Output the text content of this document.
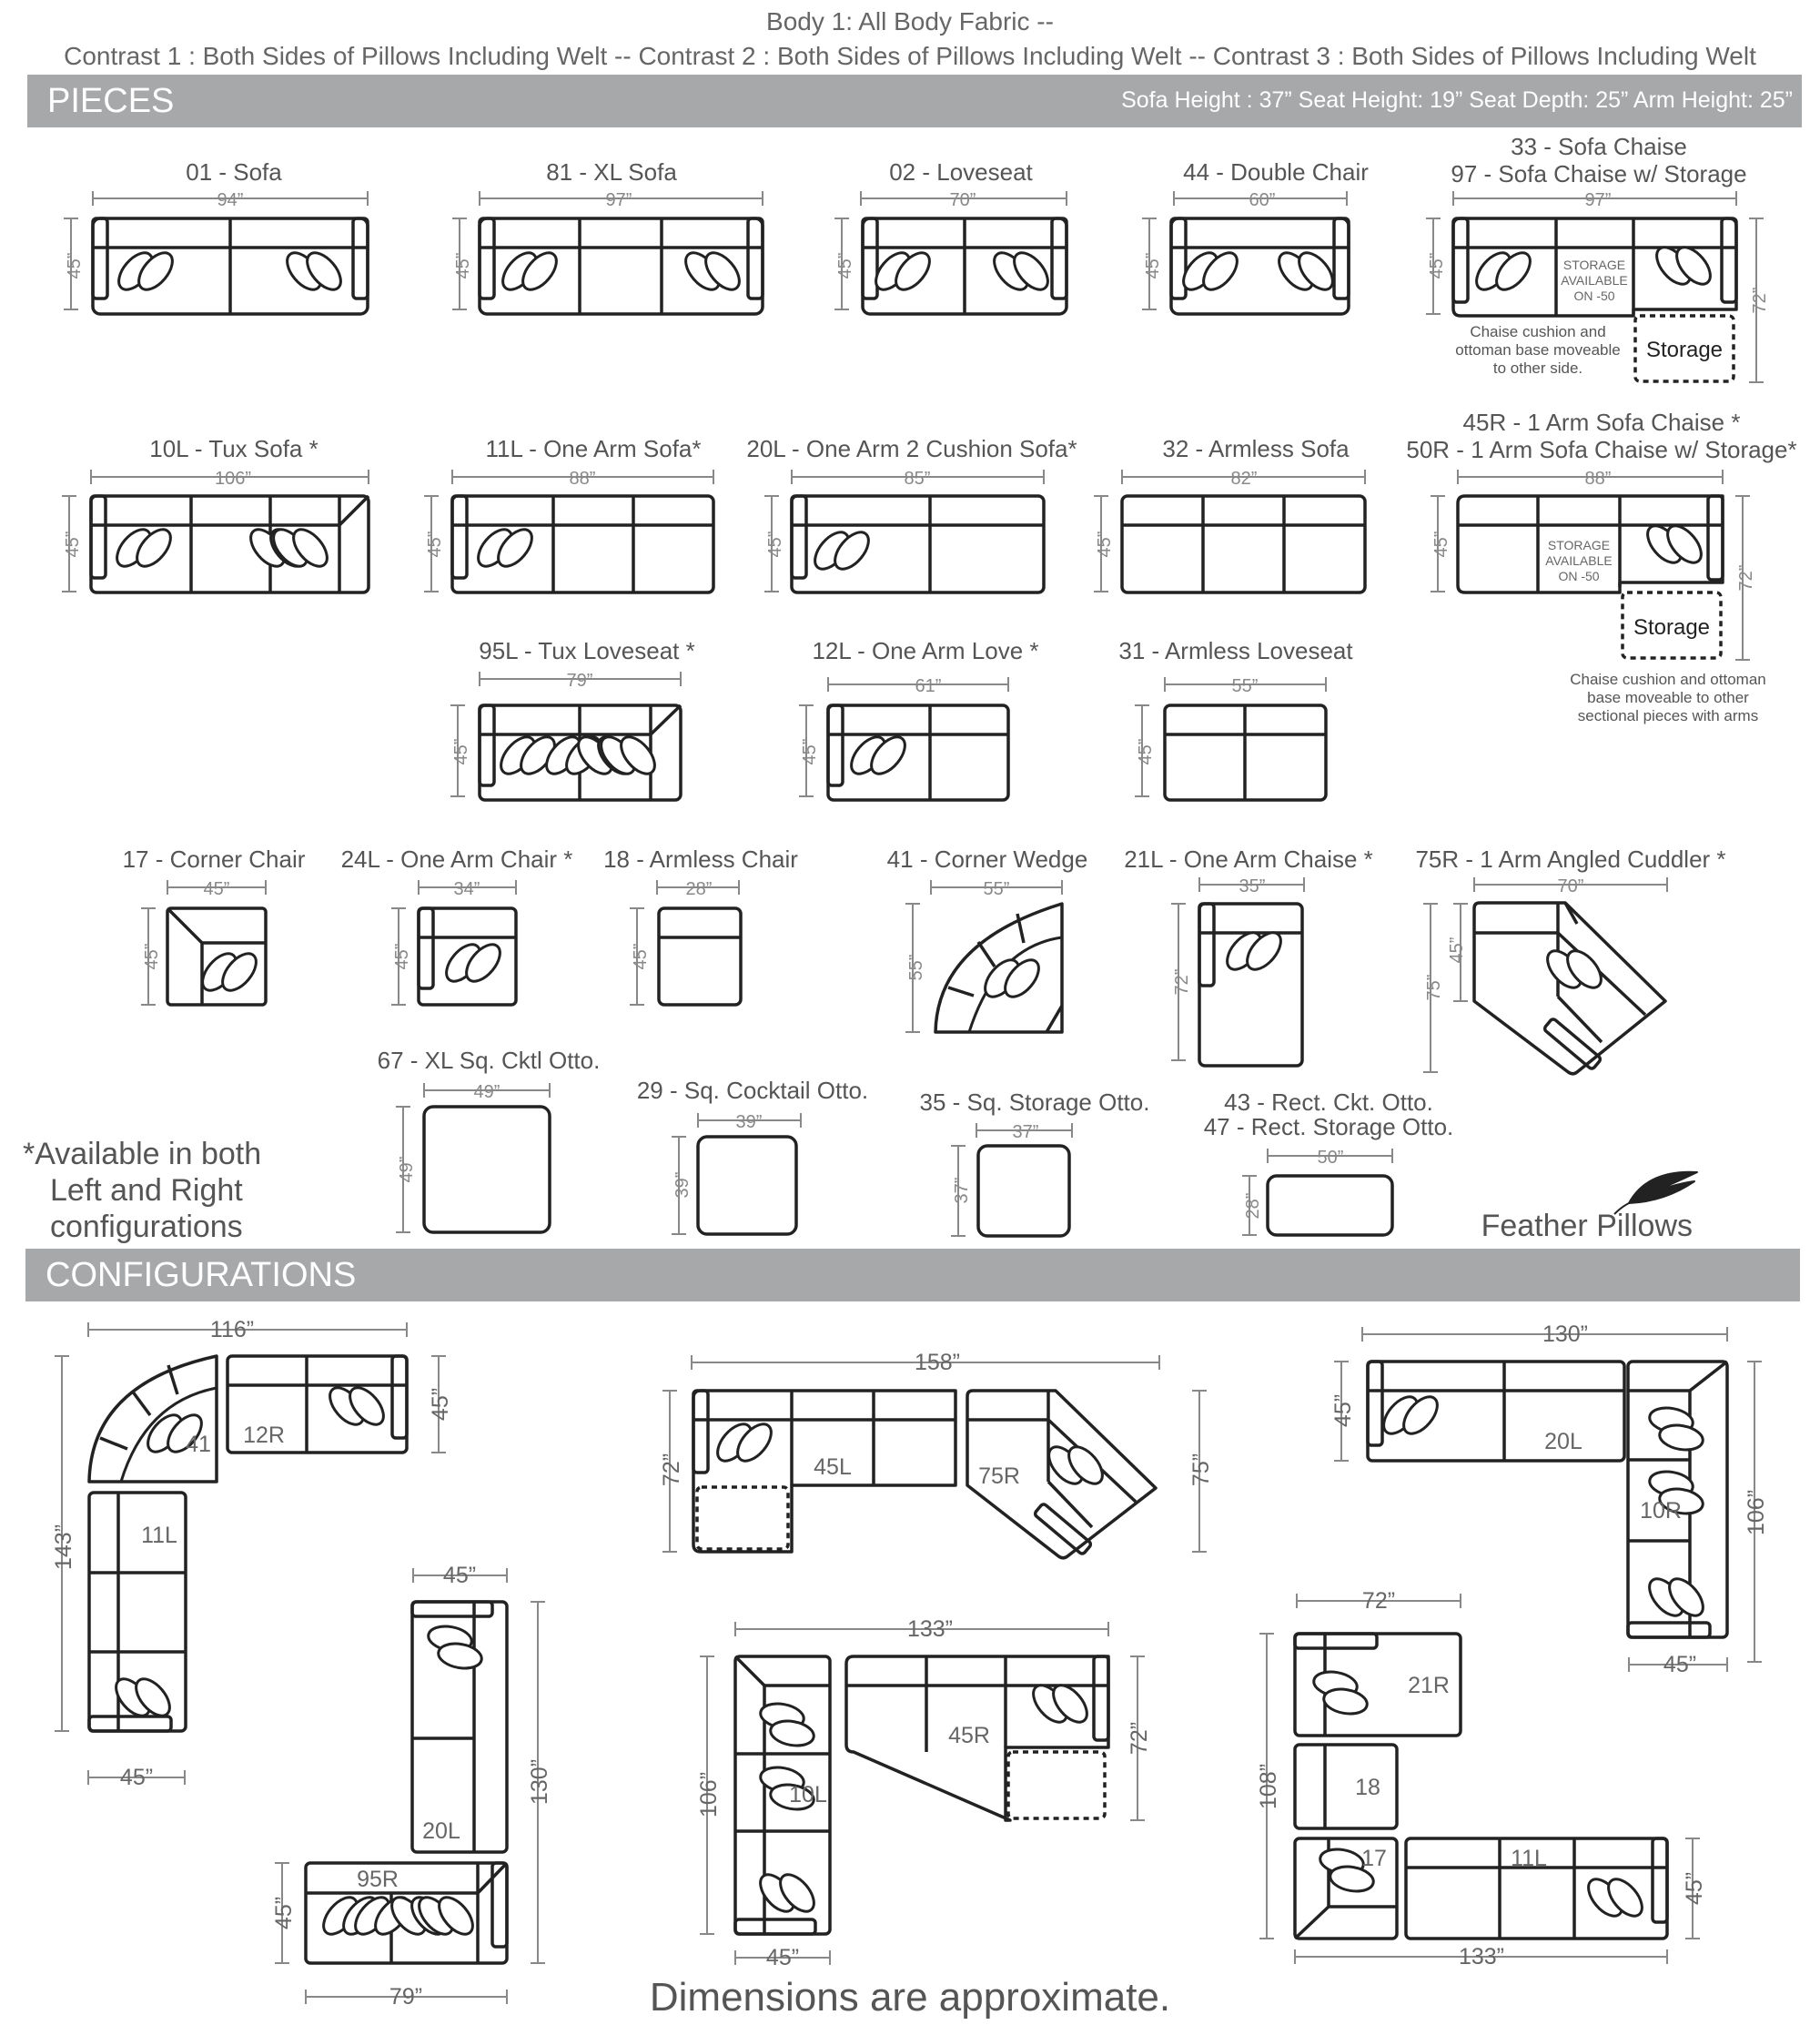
Body 1: All Body Fabric --
Contrast 1 : Both Sides of Pillows Including Welt -- Contrast 2 : Both Sides of Pillows Including Welt -- Contrast 3 : Both Sides of Pillows Including Welt
PIECES	Sofa Height : 37” Seat Height: 19” Seat Depth: 25” Arm Height: 25”
CONFIGURATIONS
01 - Sofa
94”
45”
81 - XL Sofa
97”
45”
02 - Loveseat
70”
45”
44 - Double Chair
60”
45”
33 - Sofa Chaise
97 - Sofa Chaise w/ Storage
97”
45”
72”
STORAGE
AVAILABLE
ON -50
Storage
Chaise cushion and
ottoman base moveable
to other side.
10L - Tux Sofa *
106”
45”
11L - One Arm Sofa*
88”
45”
20L - One Arm 2 Cushion Sofa*
85”
45”
32 - Armless Sofa
82”
45”
45R - 1 Arm Sofa Chaise *
50R - 1 Arm Sofa Chaise w/ Storage*
88”
45”
72”
STORAGE
AVAILABLE
ON -50
Storage
Chaise cushion and ottoman
base moveable to other
sectional pieces with arms
95L - Tux Loveseat *
79”
45”
12L - One Arm Love *
61”
45”
31 - Armless Loveseat
55”
45”
17 - Corner Chair
45”
45”
24L - One Arm Chair *
34”
45”
18 - Armless Chair
28”
45”
41 - Corner Wedge
55”
55”
21L - One Arm Chaise *
35”
72”
75R - 1 Arm Angled Cuddler *
70”
75”
45”
67 - XL Sq. Cktl Otto.
49”
49”
29 - Sq. Cocktail Otto.
39”
39”
35 - Sq. Storage Otto.
37”
37”
43 - Rect. Ckt. Otto.
47 - Rect. Storage Otto.
50”
28”
Feather Pillows
116”
143”
45”
45”
41 12R
11L
158”
72”	75”
45L	75R
130”
45”
106”
45”
20L
10R
45”
130”
45”
79”
20L
95R
133”
72”
106”
45”
10L
45R
72”
108”
133”
45”
21R
18
17	11L
*Available in both
Left and Right
configurations
Dimensions are approximate.
